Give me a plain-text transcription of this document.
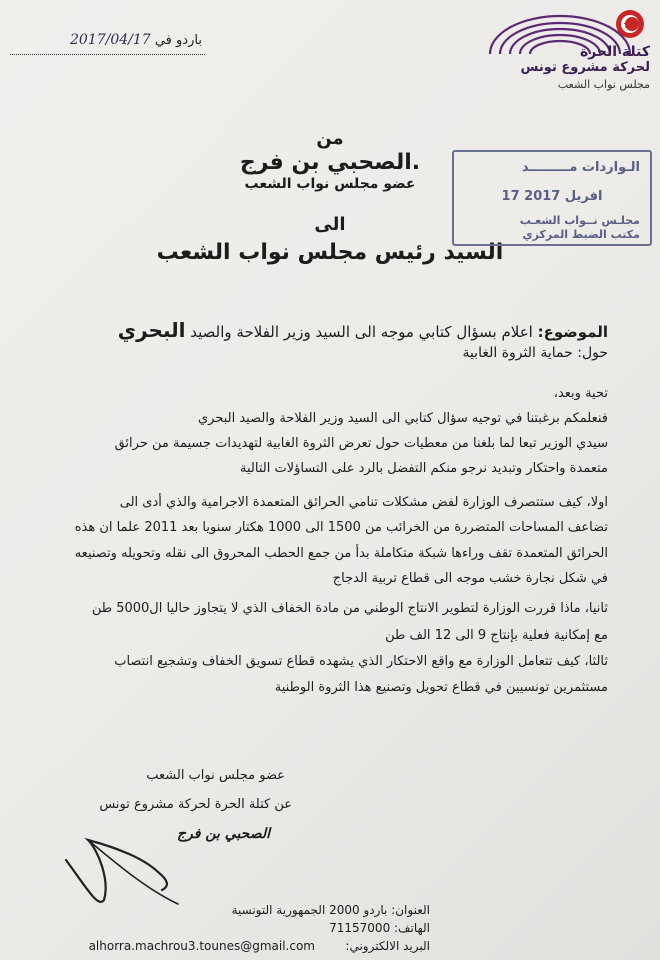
باردو في 2017/04/17
كتلة الحرة
لحركة مشروع تونس
مجلس نواب الشعب
من
الصحبي بن فرج.
عضو مجلس نواب الشعب
الى
السيد رئيس مجلس نواب الشعب
الـواردات مـــــــــد
17 افريل 2017
مجلـس نــواب الشعـب
مكتب الضبط المركزي
الموضوع: اعلام بسؤال كتابي موجه الى السيد وزير الفلاحة والصيد البحري
حول: حماية الثروة الغابية
تحية وبعد،
فنعلمكم برغبتنا في توجيه سؤال كتابي الى السيد وزير الفلاحة والصيد البحري
سيدي الوزير تبعا لما بلغنا من معطيات حول تعرض الثروة الغابية لتهديدات جسيمة من حرائق
متعمدة واحتكار وتبديد نرجو منكم التفضل بالرد على التساؤلات التالية
اولا، كيف ستتصرف الوزارة لفض مشكلات تنامي الحرائق المتعمدة الاجرامية والذي أدى الى
تضاعف المساحات المتضررة من الخرائب من 1500 الى 1000 هكتار سنويا بعد 2011 علما ان هذه
الحرائق المتعمدة تقف وراءها شبكة متكاملة بدأ من جمع الحطب المحروق الى نقله وتحويله وتصنيعه
في شكل نجارة خشب موجه الى قطاع تربية الدجاج
ثانيا، ماذا قررت الوزارة لتطوير الانتاج الوطني من مادة الخفاف الذي لا يتجاوز حاليا ال5000 طن
مع إمكانية فعلية بإنتاج 9 الى 12 الف طن
ثالثا، كيف تتعامل الوزارة مع واقع الاحتكار الذي يشهده قطاع تسويق الخفاف وتشجيع انتصاب
مستثمرين تونسيين في قطاع تحويل وتصنيع هذا الثروة الوطنية
عضو مجلس نواب الشعب
عن كتلة الحرة لحركة مشروع تونس
الصحبي بن فرج
العنوان: باردو 2000 الجمهورية التونسية
الهاتف: 71157000
البريد الالكتروني:
alhorra.machrou3.tounes@gmail.com
